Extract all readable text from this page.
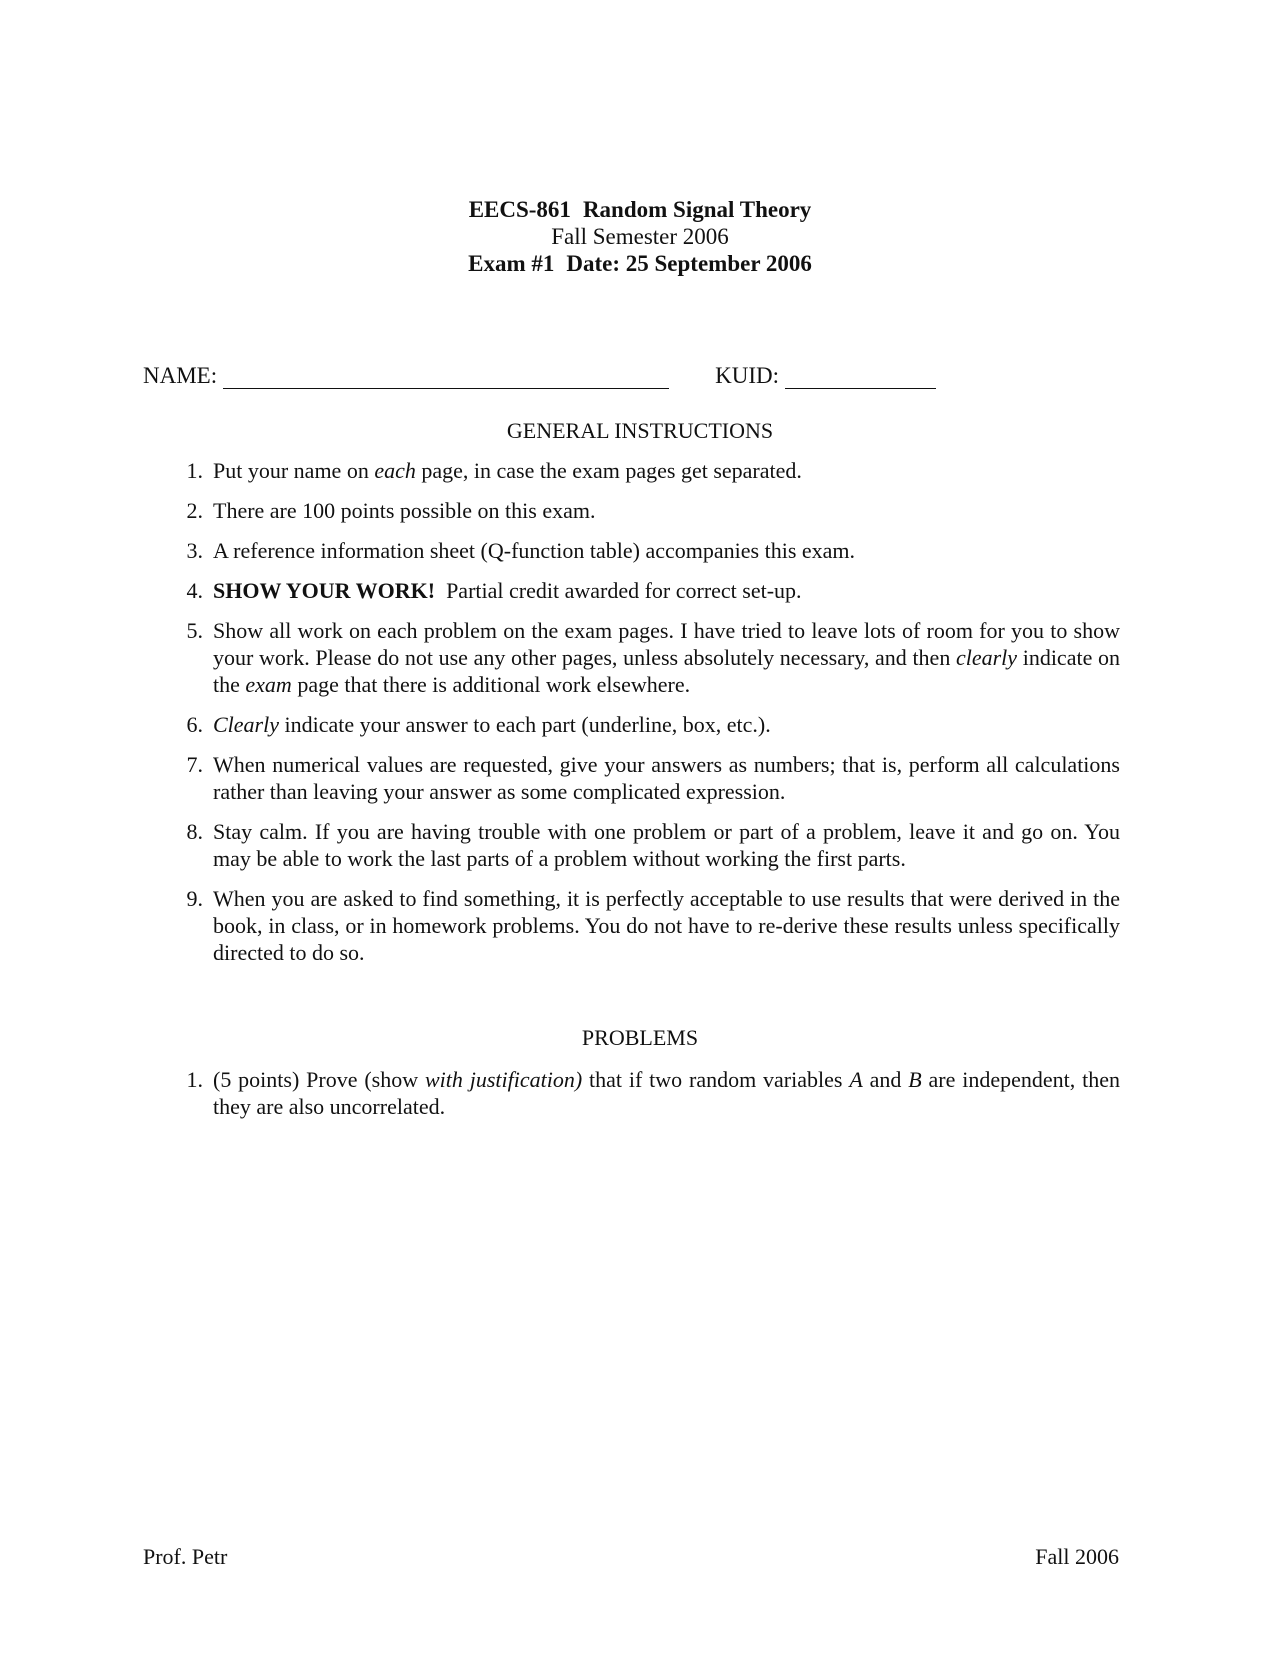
EECS-861 Random Signal Theory
Fall Semester 2006
Exam #1 Date: 25 September 2006
NAME:	KUID:
GENERAL INSTRUCTIONS
1 . Put your name on each page, in case the exam pages get separated.
2 . There are 100 points possible on this exam.
3 . A reference information sheet (Q-function table) accompanies this exam.
4 . SHOW YOUR WORK! Partial credit awarded for correct set-up.
5 . Show all work on each problem on the exam pages. I have tried to leave lots of room for you to show your work. Please do not use any other pages, unless absolutely necessary, and then clearly indicate on the exam page that there is additional work elsewhere.
6 . Clearly indicate your answer to each part (underline, box, etc.).
7 . When numerical values are requested, give your answers as numbers; that is, perform all calculations rather than leaving your answer as some complicated expression.
8 . Stay calm. If you are having trouble with one problem or part of a problem, leave it and go on. You may be able to work the last parts of a problem without working the first parts.
9 . When you are asked to find something, it is perfectly acceptable to use results that were derived in the book, in class, or in homework problems. You do not have to re-derive these results unless specifically directed to do so.
PROBLEMS
1 . (5 points) Prove (show with justification) that if two random variables A and B are independent, then they are also uncorrelated.
Prof. Petr	Fall 2006
